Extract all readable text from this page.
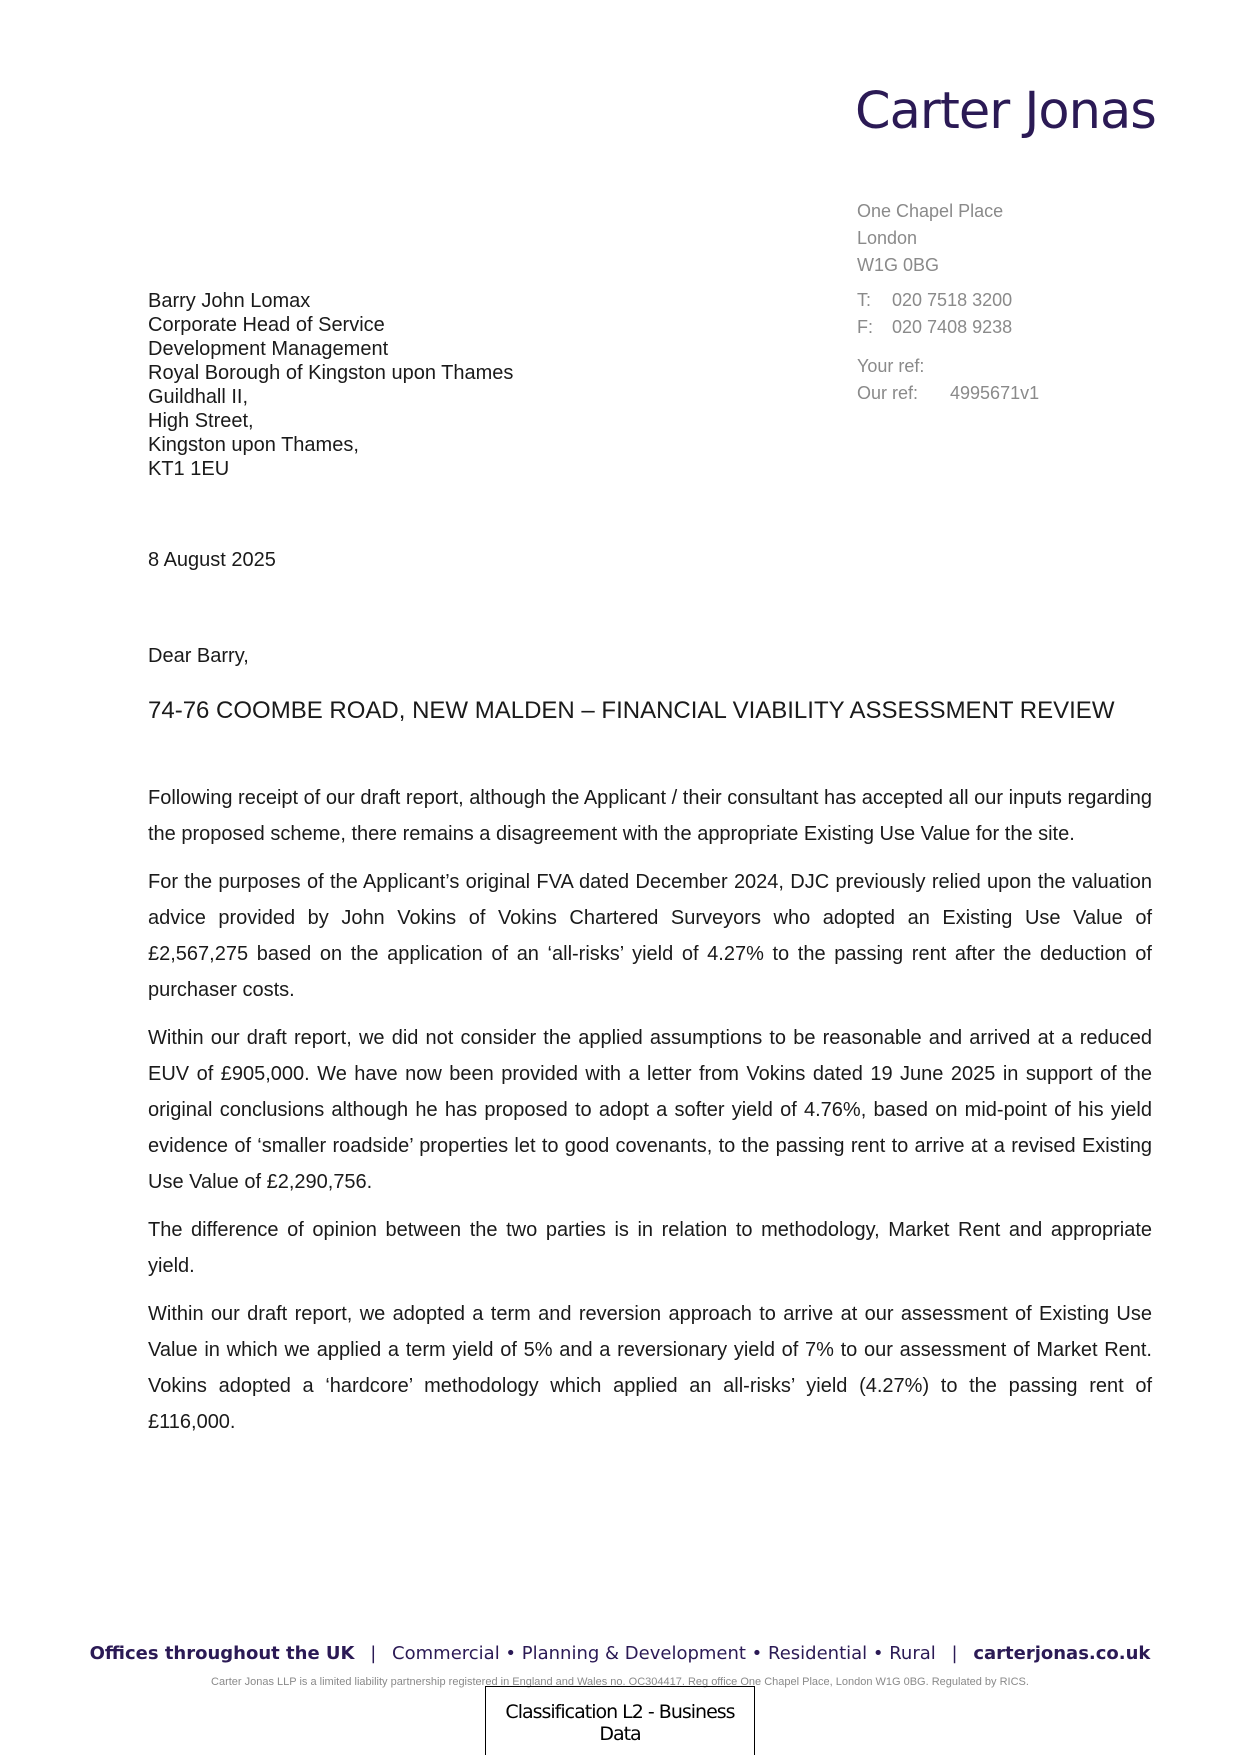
Carter Jonas
One Chapel Place
London
W1G 0BG
T: 020 7518 3200
F: 020 7408 9238
Your ref:
Our ref: 4995671v1
Barry John Lomax
Corporate Head of Service
Development Management
Royal Borough of Kingston upon Thames
Guildhall II,
High Street,
Kingston upon Thames,
KT1 1EU
8 August 2025
Dear Barry,
74-76 COOMBE ROAD, NEW MALDEN – FINANCIAL VIABILITY ASSESSMENT REVIEW

Following receipt of our draft report, although the Applicant / their consultant has accepted all our inputs regarding the proposed scheme, there remains a disagreement with the appropriate Existing Use Value for the site.

For the purposes of the Applicant’s original FVA dated December 2024, DJC previously relied upon the valuation advice provided by John Vokins of Vokins Chartered Surveyors who adopted an Existing Use Value of £2,567,275 based on the application of an ‘all-risks’ yield of 4.27% to the passing rent after the deduction of purchaser costs.

Within our draft report, we did not consider the applied assumptions to be reasonable and arrived at a reduced EUV of £905,000. We have now been provided with a letter from Vokins dated 19 June 2025 in support of the original conclusions although he has proposed to adopt a softer yield of 4.76%, based on mid-point of his yield evidence of ‘smaller roadside’ properties let to good covenants, to the passing rent to arrive at a revised Existing Use Value of £2,290,756.

The difference of opinion between the two parties is in relation to methodology, Market Rent and appropriate yield.

Within our draft report, we adopted a term and reversion approach to arrive at our assessment of Existing Use Value in which we applied a term yield of 5% and a reversionary yield of 7% to our assessment of Market Rent. Vokins adopted a ‘hardcore’ methodology which applied an all-risks’ yield (4.27%) to the passing rent of £116,000.

Offices throughout the UK | Commercial • Planning & Development • Residential • Rural | carterjonas.co.uk
Carter Jonas LLP is a limited liability partnership registered in England and Wales no. OC304417. Reg office One Chapel Place, London W1G 0BG. Regulated by RICS.
Classification L2 - Business Data
